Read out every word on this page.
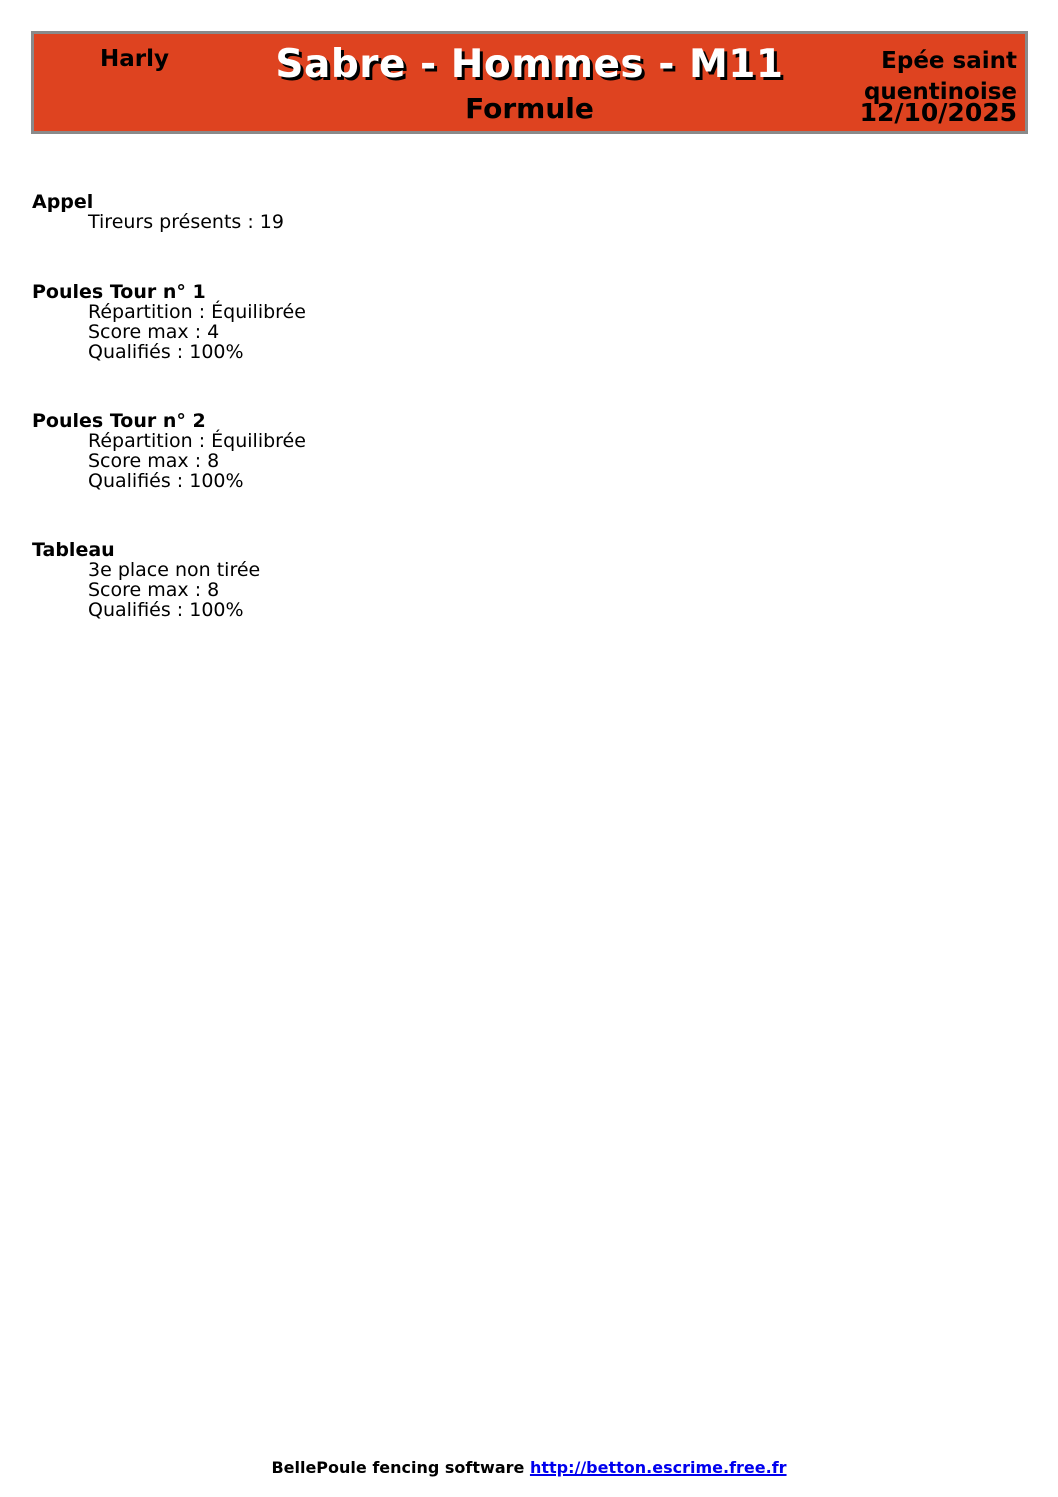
Harly	Sabre - Hommes - M11
Formule
Epée saint quentinoise
12/10/2025
Appel
Tireurs présents : 19
Poules Tour n° 1
Répartition : Équilibrée
Score max : 4
Qualifiés : 100%
Poules Tour n° 2
Répartition : Équilibrée
Score max : 8
Qualifiés : 100%
Tableau
3e place non tirée
Score max : 8
Qualifiés : 100%
BellePoule fencing software http://betton.escrime.free.fr
